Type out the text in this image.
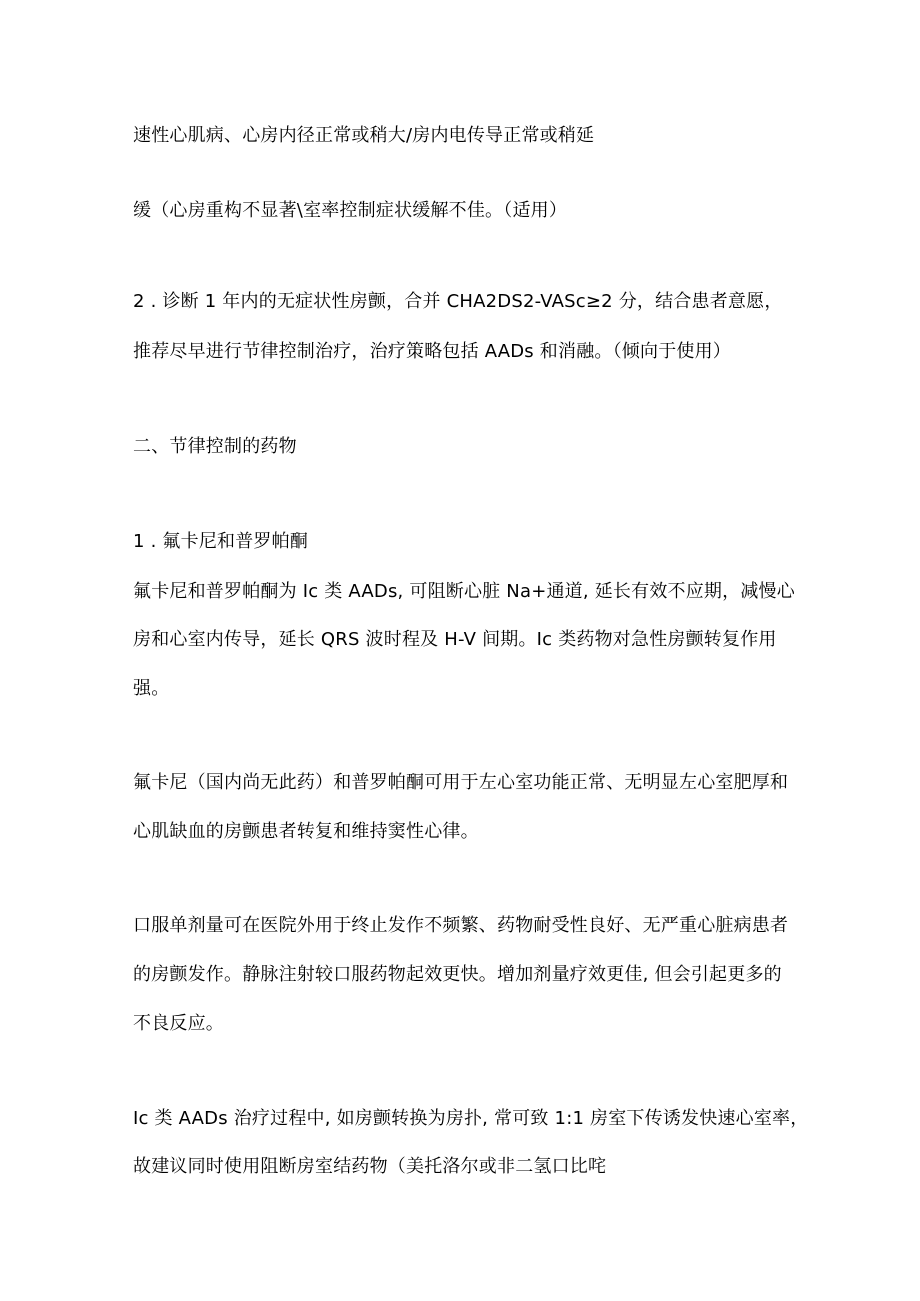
速性心肌病、心房内径正常或稍大/房内电传导正常或稍延
缓（心房重构不显著\室率控制症状缓解不佳。（适用）
2 . 诊断 1 年内的无症状性房颤，合并 CHA2DS2-VASc≥2 分，结合患者意愿，
推荐尽早进行节律控制治疗，治疗策略包括 AADs 和消融。（倾向于使用）
二、节律控制的药物
1 . 氟卡尼和普罗帕酮
氟卡尼和普罗帕酮为 Ic 类 AADs, 可阻断心脏 Na+通道, 延长有效不应期，减慢心
房和心室内传导，延长 QRS 波时程及 H-V 间期。Ic 类药物对急性房颤转复作用
强。
氟卡尼（国内尚无此药）和普罗帕酮可用于左心室功能正常、无明显左心室肥厚和
心肌缺血的房颤患者转复和维持窦性心律。
口服单剂量可在医院外用于终止发作不频繁、药物耐受性良好、无严重心脏病患者
的房颤发作。静脉注射较口服药物起效更快。增加剂量疗效更佳, 但会引起更多的
不良反应。
Ic 类 AADs 治疗过程中, 如房颤转换为房扑, 常可致 1:1 房室下传诱发快速心室率，
故建议同时使用阻断房室结药物（美托洛尔或非二氢口比咤
